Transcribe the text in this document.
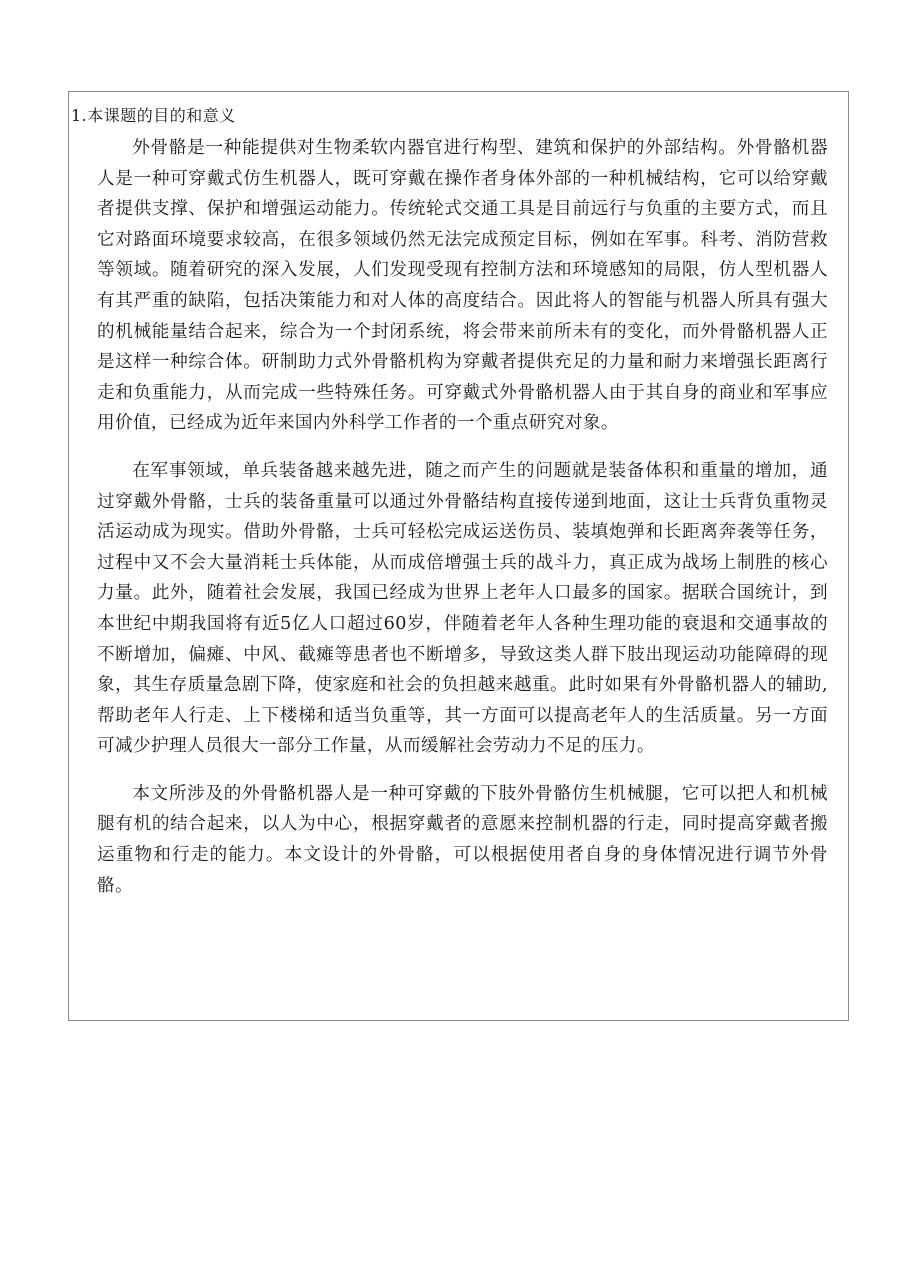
1.本课题的目的和意义

外骨骼是一种能提供对生物柔软内器官进行构型、建筑和保护的外部结构。外骨骼机器人是一种可穿戴式仿生机器人，既可穿戴在操作者身体外部的一种机械结构，它可以给穿戴者提供支撑、保护和增强运动能力。传统轮式交通工具是目前远行与负重的主要方式，而且它对路面环境要求较高，在很多领域仍然无法完成预定目标，例如在军事。科考、消防营救等领域。随着研究的深入发展，人们发现受现有控制方法和环境感知的局限，仿人型机器人有其严重的缺陷，包括决策能力和对人体的高度结合。因此将人的智能与机器人所具有强大的机械能量结合起来，综合为一个封闭系统，将会带来前所未有的变化，而外骨骼机器人正是这样一种综合体。研制助力式外骨骼机构为穿戴者提供充足的力量和耐力来增强长距离行走和负重能力，从而完成一些特殊任务。可穿戴式外骨骼机器人由于其自身的商业和军事应用价值，已经成为近年来国内外科学工作者的一个重点研究对象。

在军事领域，单兵装备越来越先进，随之而产生的问题就是装备体积和重量的增加，通过穿戴外骨骼，士兵的装备重量可以通过外骨骼结构直接传递到地面，这让士兵背负重物灵活运动成为现实。借助外骨骼，士兵可轻松完成运送伤员、装填炮弹和长距离奔袭等任务，过程中又不会大量消耗士兵体能，从而成倍增强士兵的战斗力，真正成为战场上制胜的核心力量。此外，随着社会发展，我国已经成为世界上老年人口最多的国家。据联合国统计，到本世纪中期我国将有近5亿人口超过60岁，伴随着老年人各种生理功能的衰退和交通事故的不断增加，偏瘫、中风、截瘫等患者也不断增多，导致这类人群下肢出现运动功能障碍的现象，其生存质量急剧下降，使家庭和社会的负担越来越重。此时如果有外骨骼机器人的辅助,帮助老年人行走、上下楼梯和适当负重等，其一方面可以提高老年人的生活质量。另一方面可减少护理人员很大一部分工作量，从而缓解社会劳动力不足的压力。

本文所涉及的外骨骼机器人是一种可穿戴的下肢外骨骼仿生机械腿，它可以把人和机械腿有机的结合起来，以人为中心，根据穿戴者的意愿来控制机器的行走，同时提高穿戴者搬运重物和行走的能力。本文设计的外骨骼，可以根据使用者自身的身体情况进行调节外骨骼。
